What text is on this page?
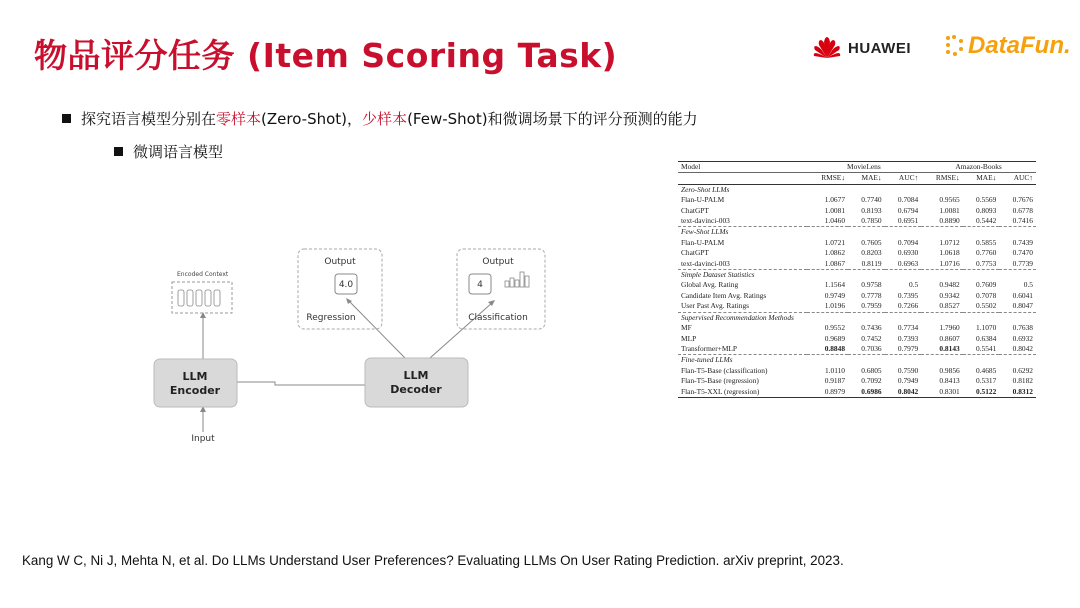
物品评分任务 (Item Scoring Task)	HUAWEI DataFun.
探究语言模型分别在 零样本 (Zero-Shot)， 少样本 (Few-Shot)和微调场景下的评分预测的能力
微调语言模型
Encoded Context
LLM
Encoder
Input
LLM
Decoder
Output
4.0
Regression
Output
4
Classification
Model	MovieLens			Amazon-Books		
	RMSE↓	MAE↓	AUC↑	RMSE↓	MAE↓	AUC↑
Zero-Shot LLMs						
Flan-U-PALM	1.0677	0.7740	0.7084	0.9565	0.5569	0.7676
ChatGPT	1.0081	0.8193	0.6794	1.0081	0.8093	0.6778
text-davinci-003	1.0460	0.7850	0.6951	0.8890	0.5442	0.7416
Few-Shot LLMs						
Flan-U-PALM	1.0721	0.7605	0.7094	1.0712	0.5855	0.7439
ChatGPT	1.0862	0.8203	0.6930	1.0618	0.7760	0.7470
text-davinci-003	1.0867	0.8119	0.6963	1.0716	0.7753	0.7739
Simple Dataset Statistics						
Global Avg. Rating	1.1564	0.9758	0.5	0.9482	0.7609	0.5
Candidate Item Avg. Ratings	0.9749	0.7778	0.7395	0.9342	0.7078	0.6041
User Past Avg. Ratings	1.0196	0.7959	0.7266	0.8527	0.5502	0.8047
Supervised Recommendation Methods						
MF	0.9552	0.7436	0.7734	1.7960	1.1070	0.7638
MLP	0.9689	0.7452	0.7393	0.8607	0.6384	0.6932
Transformer+MLP	0.8848	0.7036	0.7979	0.8143	0.5541	0.8042
Fine-tuned LLMs						
Flan-T5-Base (classification)	1.0110	0.6805	0.7590	0.9856	0.4685	0.6292
Flan-T5-Base (regression)	0.9187	0.7092	0.7949	0.8413	0.5317	0.8182
Flan-T5-XXL (regression)	0.8979	0.6986	0.8042	0.8301	0.5122	0.8312
Kang W C, Ni J, Mehta N, et al. Do LLMs Understand User Preferences? Evaluating LLMs On User Rating Prediction. arXiv preprint, 2023.
